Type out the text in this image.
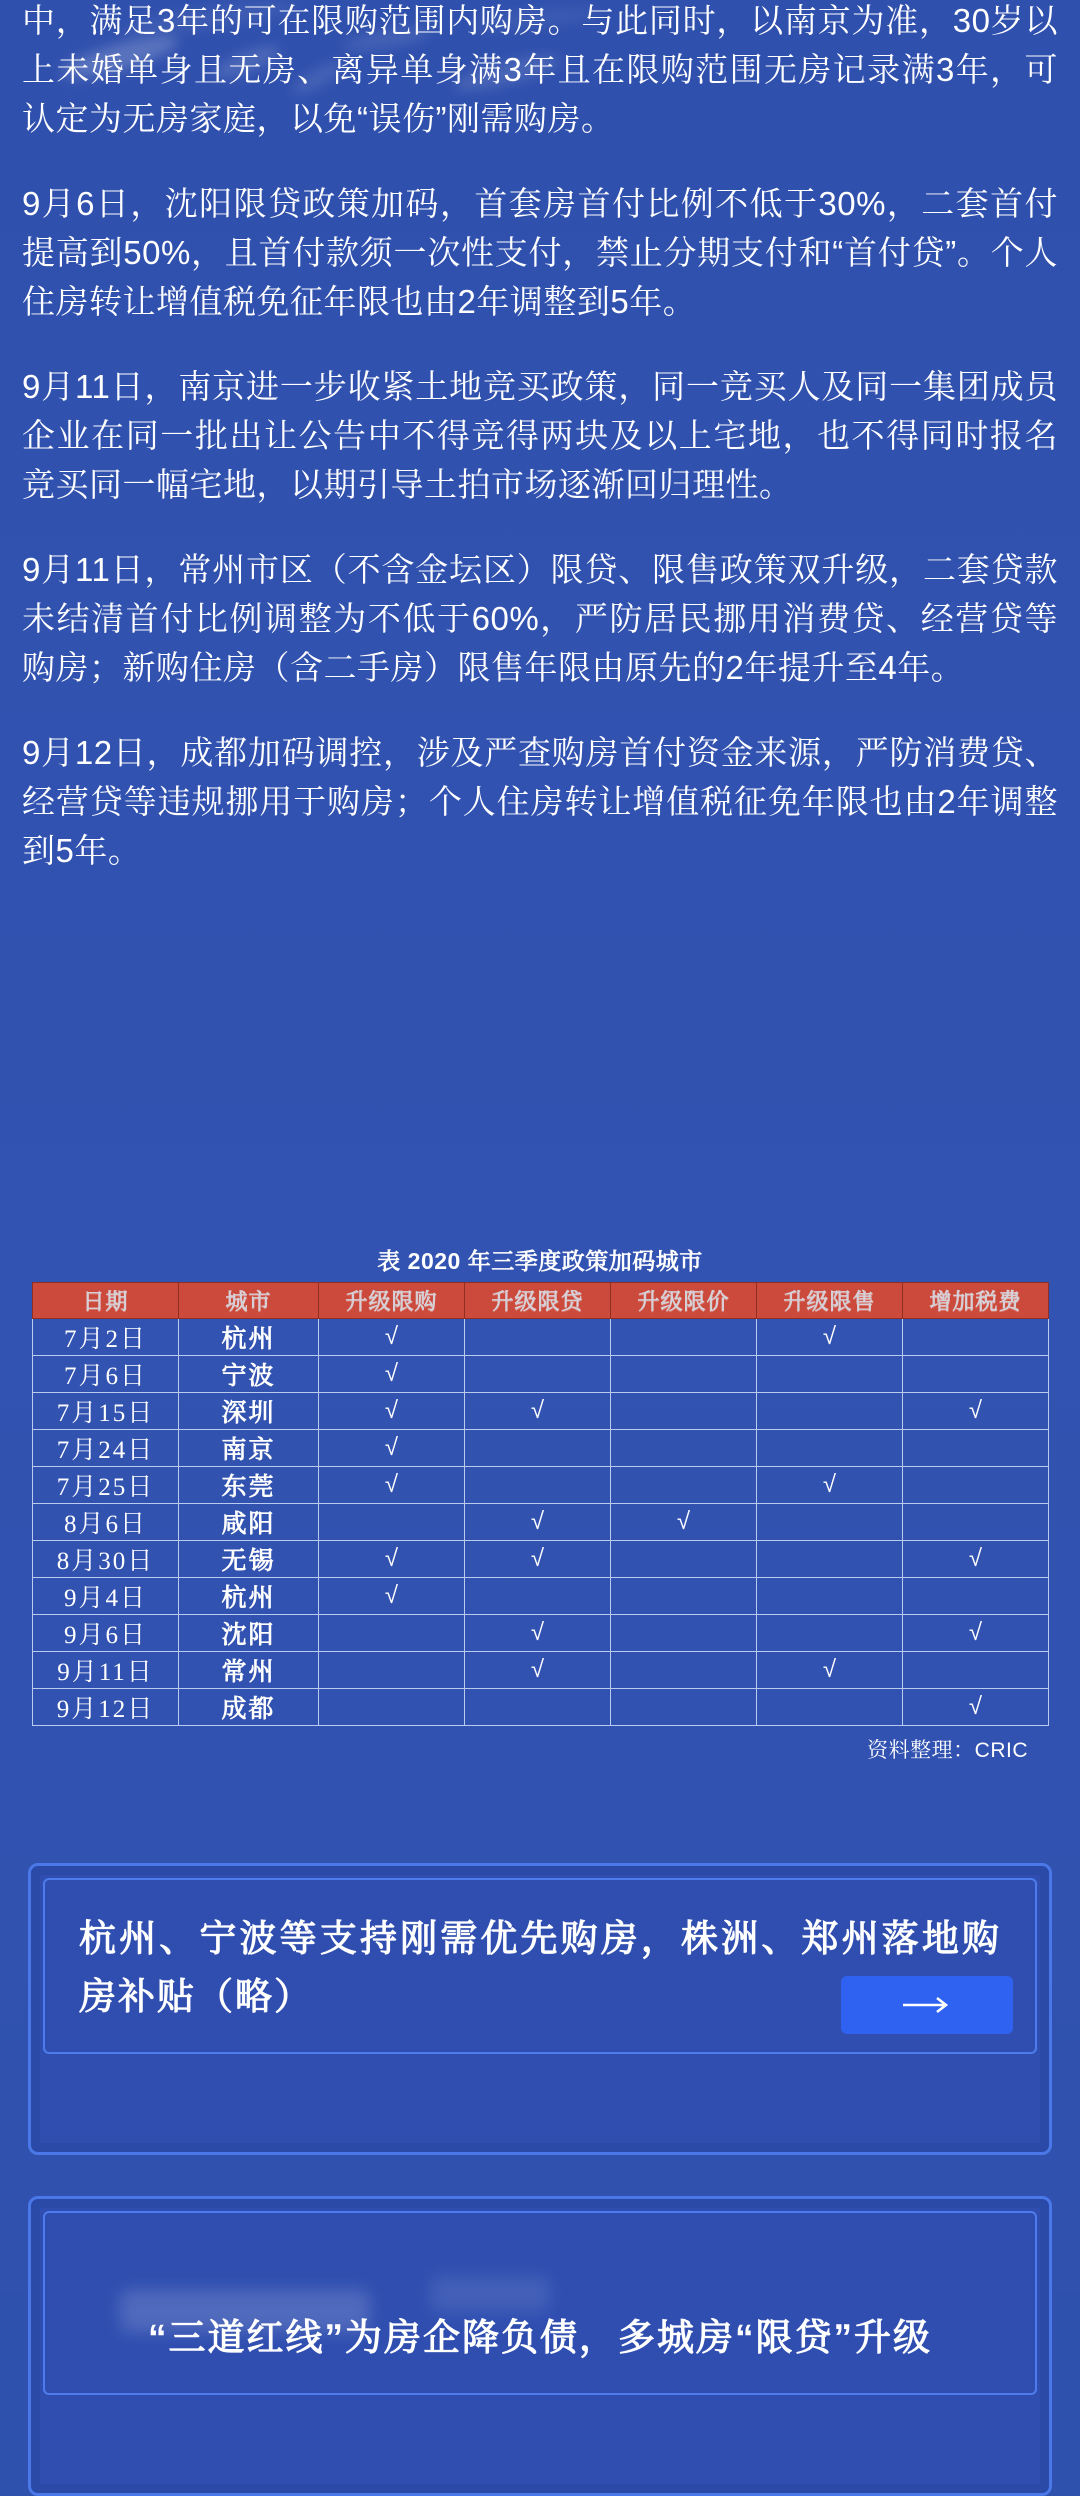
中，满足3年的可在限购范围内购房。与此同时，以南京为准，30岁以上未婚单身且无房、离异单身满3年且在限购范围无房记录满3年，可认定为无房家庭，以免“误伤”刚需购房。

9月6日，沈阳限贷政策加码，首套房首付比例不低于30%，二套首付提高到50%，且首付款须一次性支付，禁止分期支付和“首付贷”。个人住房转让增值税免征年限也由2年调整到5年。

9月11日，南京进一步收紧土地竞买政策，同一竞买人及同一集团成员企业在同一批出让公告中不得竞得两块及以上宅地，也不得同时报名竞买同一幅宅地，以期引导土拍市场逐渐回归理性。

9月11日，常州市区（不含金坛区）限贷、限售政策双升级，二套贷款未结清首付比例调整为不低于60%，严防居民挪用消费贷、经营贷等购房；新购住房（含二手房）限售年限由原先的2年提升至4年。

9月12日，成都加码调控，涉及严查购房首付资金来源，严防消费贷、经营贷等违规挪用于购房；个人住房转让增值税征免年限也由2年调整到5年。

表 2020 年三季度政策加码城市
日期	城市	升级限购	升级限贷	升级限价	升级限售	增加税费
7月2日	杭州	√			√	
7月6日	宁波	√				
7月15日	深圳	√	√			√
7月24日	南京	√				
7月25日	东莞	√			√	
8月6日	咸阳		√	√		
8月30日	无锡	√	√			√
9月4日	杭州	√				
9月6日	沈阳		√			√
9月11日	常州		√		√	
9月12日	成都					√
资料整理：CRIC
杭州、宁波等支持刚需优先购房，株洲、郑州落地购房补贴（略）
“三道红线”为房企降负债，多城房“限贷”升级
